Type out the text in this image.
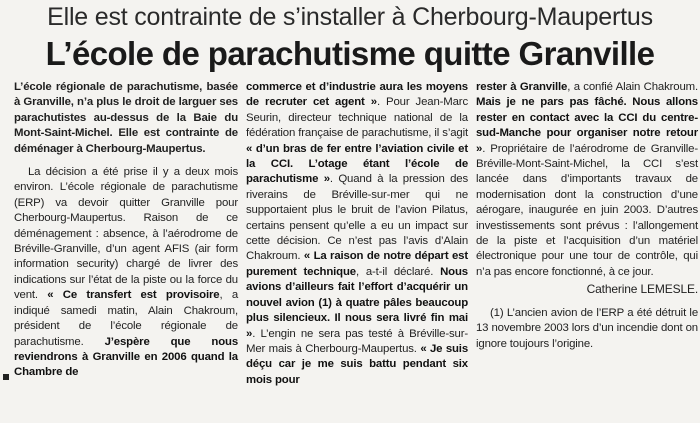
Elle est contrainte de s’installer à Cherbourg-Maupertus
L’école de parachutisme quitte Granville

L’école régionale de parachutisme, basée à Granville, n’a plus le droit de larguer ses parachutistes au-dessus de la Baie du Mont-Saint-Michel. Elle est contrainte de déménager à Cherbourg-Maupertus.

La décision a été prise il y a deux mois environ. L’école régionale de parachutisme (ERP) va devoir quitter Granville pour Cherbourg-Maupertus. Raison de ce déménagement : absence, à l’aérodrome de Bréville-Granville, d’un agent AFIS (air form information security) chargé de livrer des indications sur l’état de la piste ou la force du vent. « Ce transfert est provisoire, a indiqué samedi matin, Alain Chakroum, président de l’école régionale de parachutisme. J’espère que nous reviendrons à Granville en 2006 quand la Chambre de

commerce et d’industrie aura les moyens de recruter cet agent ». Pour Jean-Marc Seurin, directeur technique national de la fédération française de parachutisme, il s’agit « d’un bras de fer entre l’aviation civile et la CCI. L’otage étant l’école de parachutisme ». Quand à la pression des riverains de Bréville-sur-mer qui ne supportaient plus le bruit de l’avion Pilatus, certains pensent qu’elle a eu un impact sur cette décision. Ce n’est pas l’avis d’Alain Chakroum. « La raison de notre départ est purement technique, a-t-il déclaré. Nous avions d’ailleurs fait l’effort d’acquérir un nouvel avion (1) à quatre pâles beaucoup plus silencieux. Il nous sera livré fin mai ». L’engin ne sera pas testé à Bréville-sur-Mer mais à Cherbourg-Maupertus. « Je suis déçu car je me suis battu pendant six mois pour

rester à Granville, a confié Alain Chakroum. Mais je ne pars pas fâché. Nous allons rester en contact avec la CCI du centre-sud-Manche pour organiser notre retour ». Propriétaire de l’aérodrome de Granville-Bréville-Mont-Saint-Michel, la CCI s’est lancée dans d’importants travaux de modernisation dont la construction d’une aérogare, inaugurée en juin 2003. D’autres investissements sont prévus : l’allongement de la piste et l’acquisition d’un matériel électronique pour une tour de contrôle, qui n’a pas encore fonctionné, à ce jour.

Catherine LEMESLE.

(1) L’ancien avion de l’ERP a été détruit le 13 novembre 2003 lors d’un incendie dont on ignore toujours l’origine.
